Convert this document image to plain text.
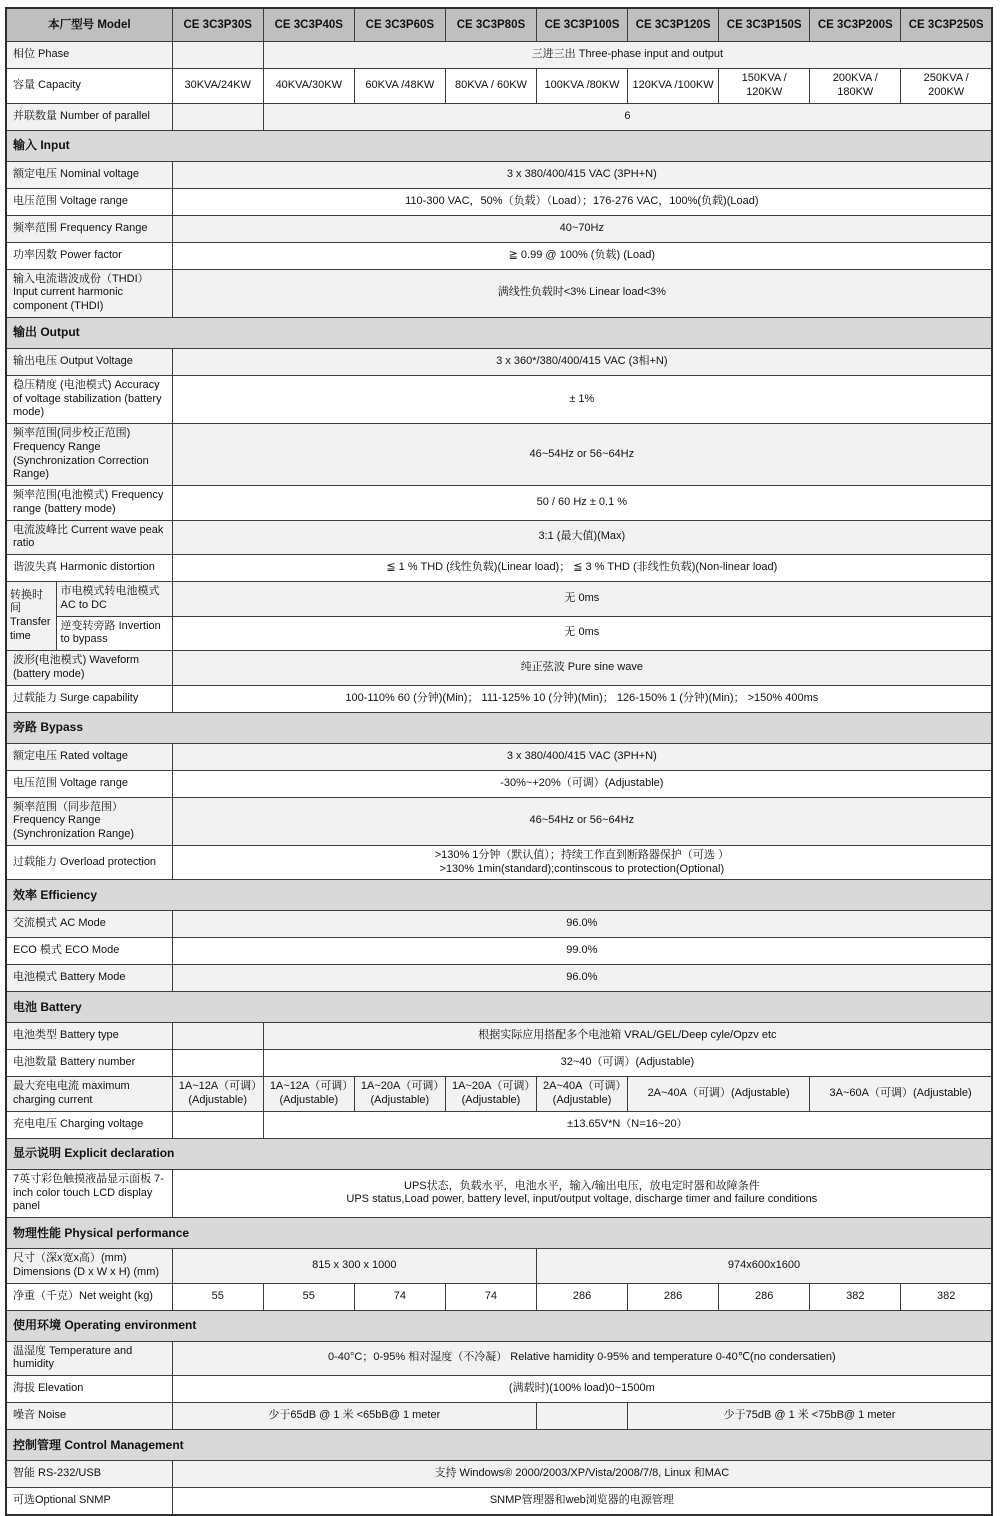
本厂型号 Model		CE 3C3P30S	CE 3C3P40S	CE 3C3P60S	CE 3C3P80S	CE 3C3P100S	CE 3C3P120S	CE 3C3P150S	CE 3C3P200S	CE 3C3P250S
相位 Phase			三进三出 Three-phase input and output							
容量 Capacity		30KVA/24KW	40KVA/30KW	60KVA /48KW	80KVA / 60KW	100KVA /80KW	120KVA /100KW	150KVA / 120KW	200KVA / 180KW	250KVA / 200KW
并联数量 Number of parallel			6							
输入 Input										
额定电压 Nominal voltage		3 x 380/400/415 VAC (3PH+N)								
电压范围 Voltage range		110-300 VAC，50%（负载）（Load）；176-276 VAC，100%(负载)(Load)								
频率范围 Frequency Range		40~70Hz								
功率因数 Power factor		≧ 0.99 @ 100% (负载) (Load)								
输入电流谐波成份（THDI） Input current harmonic component (THDI)		满线性负载时<3% Linear load<3%								
输出 Output										
输出电压 Output Voltage		3 x 360*/380/400/415 VAC (3相+N)								
稳压精度 (电池模式) Accuracy of voltage stabilization (battery mode)		± 1%								
频率范围(同步校正范围) Frequency Range (Synchronization Correction Range)		46~54Hz or 56~64Hz								
频率范围(电池模式) Frequency range (battery mode)		50 / 60 Hz ± 0.1 %								
电流波峰比 Current wave peak ratio		3:1 (最大值)(Max)								
谐波失真 Harmonic distortion		≦ 1 % THD (线性负载)(Linear load)； ≦ 3 % THD (非线性负载)(Non-linear load)								
转换时间 Transfer time	市电模式转电池模式 AC to DC	无 0ms								
	逆变转旁路 Invertion to bypass	无 0ms								
波形(电池模式) Waveform (battery mode)		纯正弦波 Pure sine wave								
过载能力 Surge capability		100-110% 60 (分钟)(Min)； 111-125% 10 (分钟)(Min)； 126-150% 1 (分钟)(Min)； >150% 400ms								
旁路 Bypass										
额定电压 Rated voltage		3 x 380/400/415 VAC (3PH+N)								
电压范围 Voltage range		-30%~+20%（可调）(Adjustable)								
频率范围（同步范围） Frequency Range (Synchronization Range)		46~54Hz or 56~64Hz								
过载能力 Overload protection		>130% 1分钟（默认值）；持续工作直到断路器保护（可选 ）
>130% 1min(standard);continscous to protection(Optional)								

效率 Efficiency										
交流模式 AC Mode		96.0%								
ECO 模式 ECO Mode		99.0%								
电池模式 Battery Mode		96.0%								
电池 Battery										
电池类型 Battery type			根据实际应用搭配多个电池箱 VRAL/GEL/Deep cyle/Opzv etc							
电池数量 Battery number			32~40（可调）(Adjustable)							
最大充电电流 maximum charging current		1A~12A（可调）(Adjustable)	1A~12A（可调）(Adjustable)	1A~20A（可调）(Adjustable)	1A~20A（可调）(Adjustable)	2A~40A（可调）(Adjustable)	2A~40A（可调）(Adjustable)		3A~60A（可调）(Adjustable)	
充电电压 Charging voltage			±13.65V*N（N=16~20）							
显示说明 Explicit declaration										
7英寸彩色触摸液晶显示面板 7-inch color touch LCD display panel		UPS状态，负载水平，电池水平，输入/输出电压，放电定时器和故障条件
UPS status,Load power, battery level, input/output voltage, discharge timer and failure conditions								

物理性能 Physical performance										
尺寸（深x宽x高）(mm) Dimensions (D x W x H) (mm)		815 x 300 x 1000				974x600x1600				
净重（千克）Net weight (kg)		55	55	74	74	286	286	286	382	382
使用环境 Operating environment										
温湿度 Temperature and humidity		0-40°C；0-95% 相对湿度（不冷凝） Relative hamidity 0-95% and temperature 0-40℃(no condersatien)								
海拔 Elevation		(满载时)(100% load)0~1500m								
噪音 Noise		少于65dB @ 1 米 <65bB@ 1 meter					少于75dB @ 1 米 <75bB@ 1 meter			
控制管理 Control Management										
智能 RS-232/USB		支持 Windows® 2000/2003/XP/Vista/2008/7/8, Linux 和MAC								
可选Optional SNMP		SNMP管理器和web浏览器的电源管理								
